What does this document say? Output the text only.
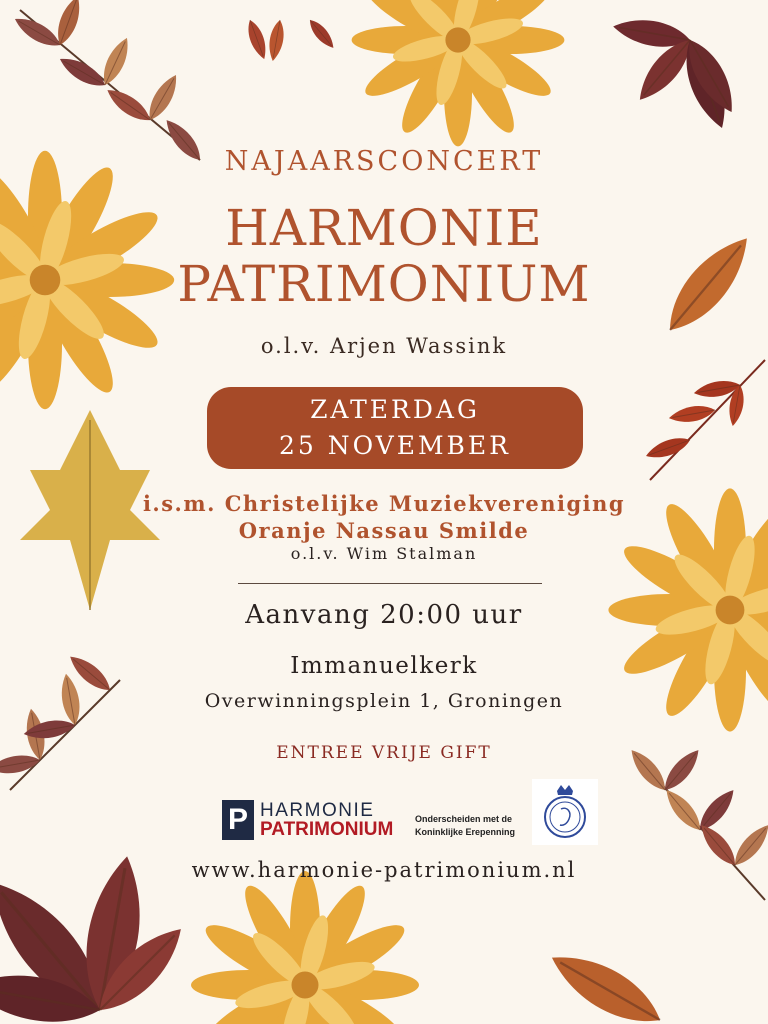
NAJAARSCONCERT
HARMONIE
PATRIMONIUM
o.l.v. Arjen Wassink
ZATERDAG
25 NOVEMBER
i.s.m. Christelijke Muziekvereniging
Oranje Nassau Smilde
o.l.v. Wim Stalman
Aanvang 20:00 uur
Immanuelkerk
Overwinningsplein 1, Groningen
ENTREE VRIJE GIFT
P HARMONIE
PATRIMONIUM Onderscheiden met de
Koninklijke Erepenning
www.harmonie-patrimonium.nl
